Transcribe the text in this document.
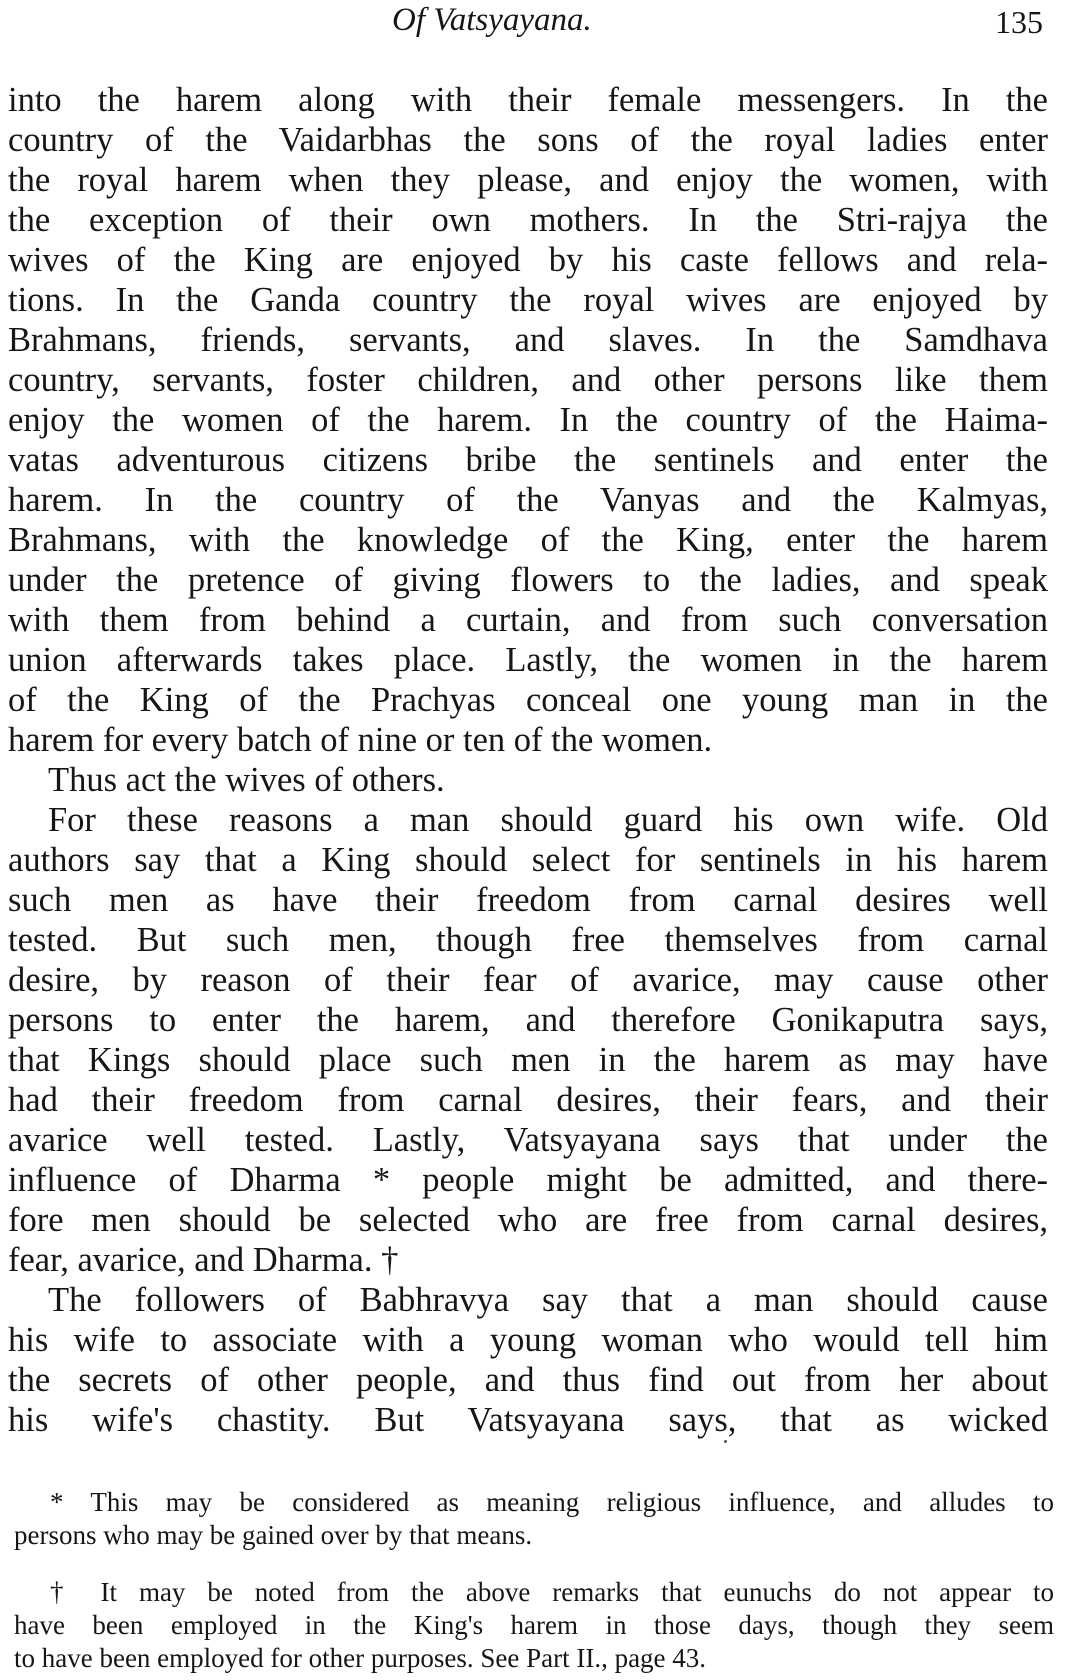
Of Vatsyayana.	135
into the harem along with their female messengers. In the
country of the Vaidarbhas the sons of the royal ladies enter
the royal harem when they please, and enjoy the women, with
the exception of their own mothers. In the Stri-rajya the
wives of the King are enjoyed by his caste fellows and rela-
tions. In the Ganda country the royal wives are enjoyed by
Brahmans, friends, servants, and slaves. In the Samdhava
country, servants, foster children, and other persons like them
enjoy the women of the harem. In the country of the Haima-
vatas adventurous citizens bribe the sentinels and enter the
harem. In the country of the Vanyas and the Kalmyas,
Brahmans, with the knowledge of the King, enter the harem
under the pretence of giving flowers to the ladies, and speak
with them from behind a curtain, and from such conversation
union afterwards takes place. Lastly, the women in the harem
of the King of the Prachyas conceal one young man in the
harem for every batch of nine or ten of the women.
Thus act the wives of others.
For these reasons a man should guard his own wife. Old
authors say that a King should select for sentinels in his harem
such men as have their freedom from carnal desires well
tested. But such men, though free themselves from carnal
desire, by reason of their fear of avarice, may cause other
persons to enter the harem, and therefore Gonikaputra says,
that Kings should place such men in the harem as may have
had their freedom from carnal desires, their fears, and their
avarice well tested. Lastly, Vatsyayana says that under the
influence of Dharma * people might be admitted, and there-
fore men should be selected who are free from carnal desires,
fear, avarice, and Dharma. †
The followers of Babhravya say that a man should cause
his wife to associate with a young woman who would tell him
the secrets of other people, and thus find out from her about
his wife's chastity. But Vatsyayana says, that as wicked
* This may be considered as meaning religious influence, and alludes to
persons who may be gained over by that means.
† It may be noted from the above remarks that eunuchs do not appear to
have been employed in the King's harem in those days, though they seem
to have been employed for other purposes. See Part II., page 43.
